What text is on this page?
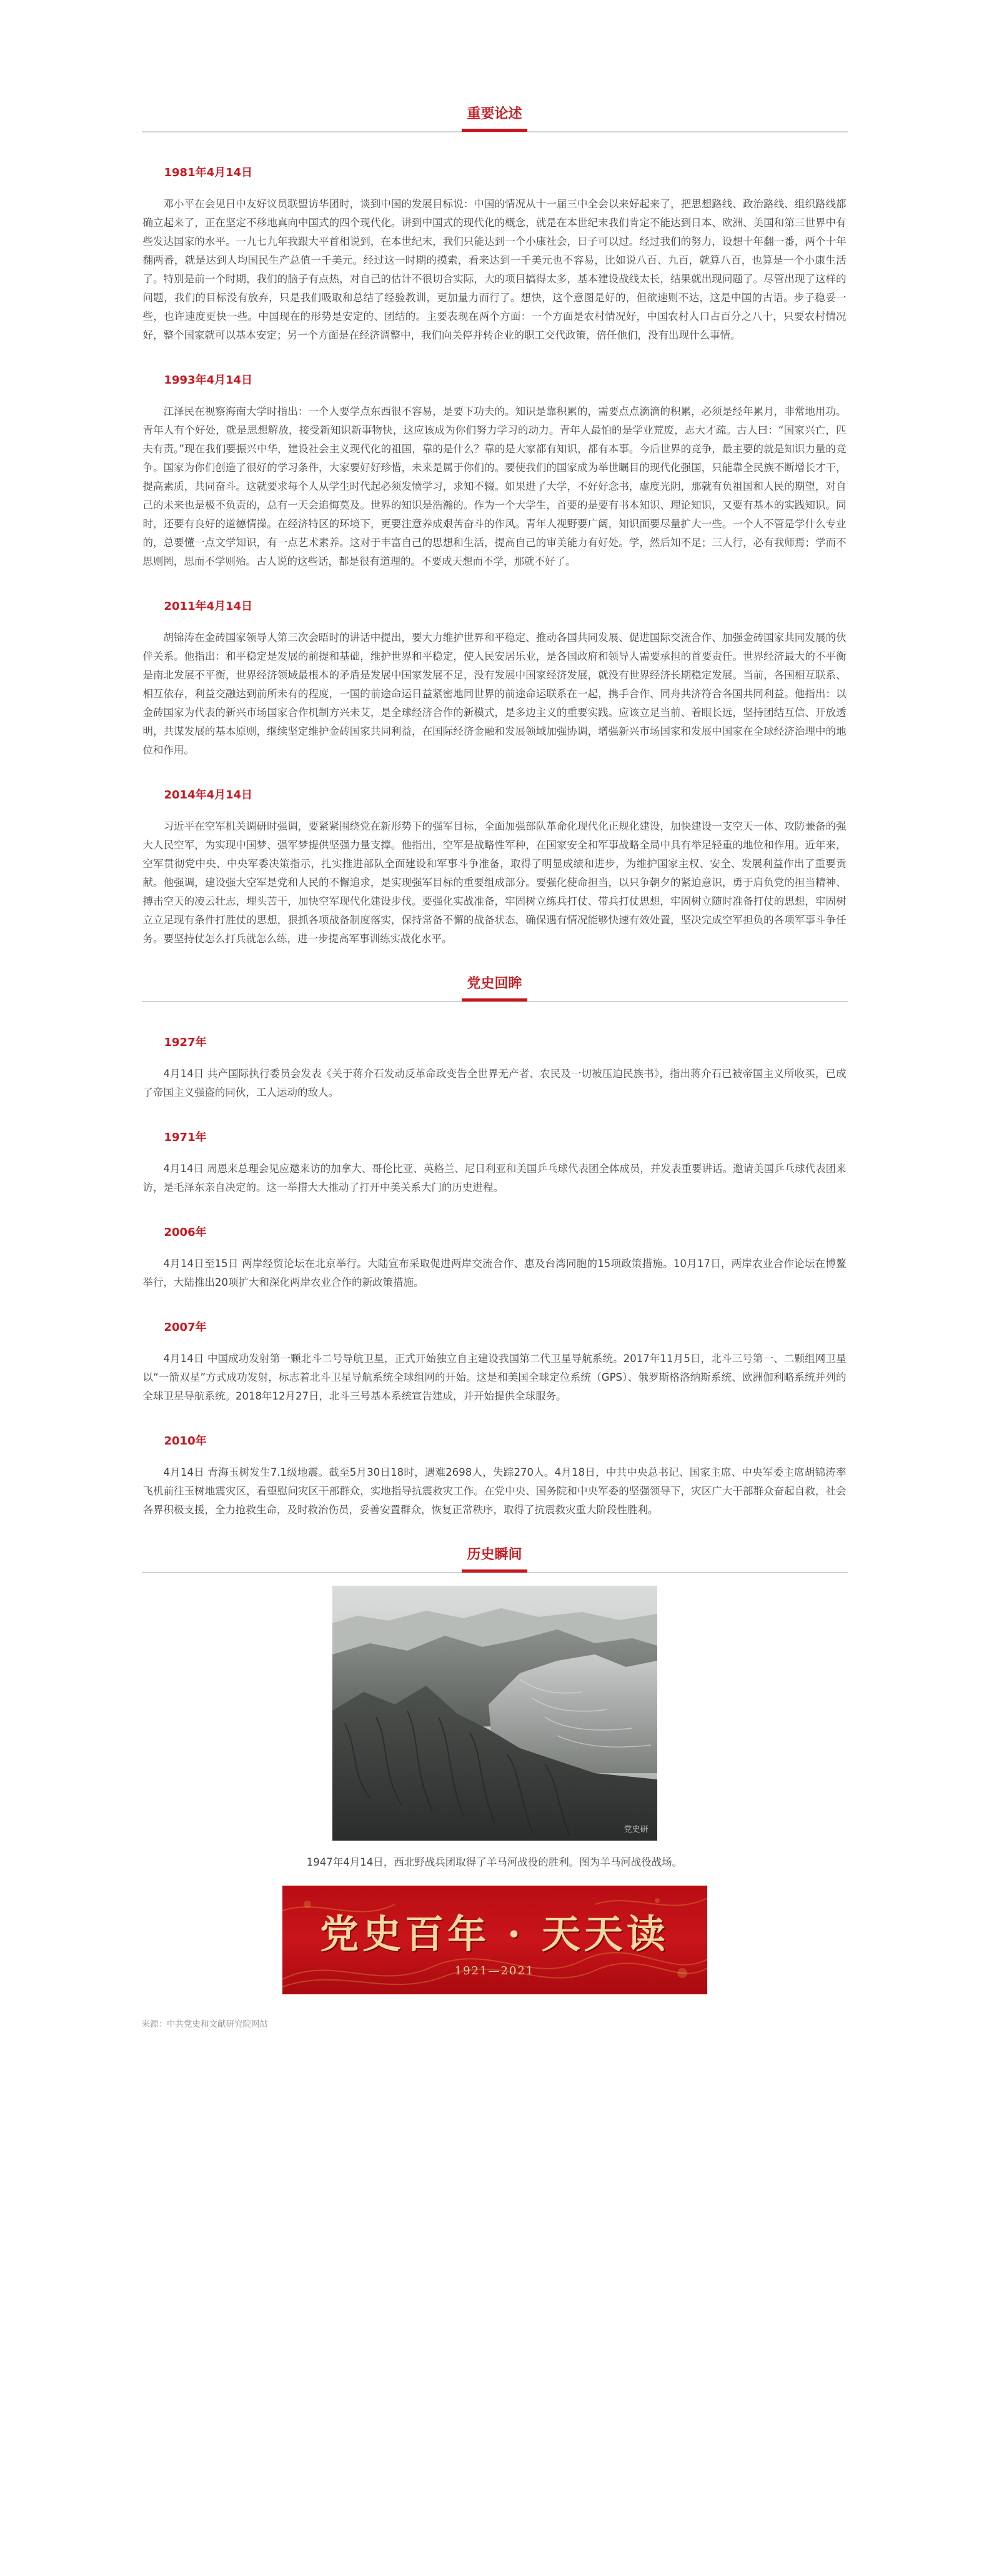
重要论述
1981年4月14日

邓小平在会见日中友好议员联盟访华团时，谈到中国的发展目标说：中国的情况从十一届三中全会以来好起来了，把思想路线、政治路线、组织路线都确立起来了，正在坚定不移地真向中国式的四个现代化。讲到中国式的现代化的概念，就是在本世纪末我们肯定不能达到日本、欧洲、美国和第三世界中有些发达国家的水平。一九七九年我跟大平首相说到，在本世纪末，我们只能达到一个小康社会，日子可以过。经过我们的努力，设想十年翻一番，两个十年翻两番，就是达到人均国民生产总值一千美元。经过这一时期的摸索，看来达到一千美元也不容易，比如说八百、九百，就算八百，也算是一个小康生活了。特别是前一个时期，我们的脑子有点热，对自己的估计不很切合实际，大的项目搞得太多，基本建设战线太长，结果就出现问题了。尽管出现了这样的问题，我们的目标没有放弃，只是我们吸取和总结了经验教训，更加量力而行了。想快，这个意图是好的，但欲速则不达，这是中国的古语。步子稳妥一些，也许速度更快一些。中国现在的形势是安定的、团结的。主要表现在两个方面：一个方面是农村情况好，中国农村人口占百分之八十，只要农村情况好，整个国家就可以基本安定；另一个方面是在经济调整中，我们向关停并转企业的职工交代政策，倍任他们，没有出现什么事情。

1993年4月14日

江泽民在视察海南大学时指出：一个人要学点东西很不容易，是要下功夫的。知识是靠积累的，需要点点滴滴的积累，必须是经年累月，非常地用功。青年人有个好处，就是思想解放，接受新知识新事物快，这应该成为你们努力学习的动力。青年人最怕的是学业荒废，志大才疏。古人曰：“国家兴亡，匹夫有责。”现在我们要振兴中华，建设社会主义现代化的祖国，靠的是什么？靠的是大家都有知识，都有本事。今后世界的竞争，最主要的就是知识力量的竞争。国家为你们创造了很好的学习条件，大家要好好珍惜，未来是属于你们的。要使我们的国家成为举世瞩目的现代化强国，只能靠全民族不断增长才干，提高素质，共同奋斗。这就要求每个人从学生时代起必须发愤学习，求知不辍。如果进了大学，不好好念书，虚度光阴，那就有负祖国和人民的期望，对自己的未来也是极不负责的，总有一天会追悔莫及。世界的知识是浩瀚的。作为一个大学生，首要的是要有书本知识、理论知识，又要有基本的实践知识。同时，还要有良好的道德情操。在经济特区的环境下，更要注意养成艰苦奋斗的作风。青年人视野要广阔，知识面要尽量扩大一些。一个人不管是学什么专业的，总要懂一点文学知识，有一点艺术素养。这对于丰富自己的思想和生活，提高自己的审美能力有好处。学，然后知不足；三人行，必有我师焉；学而不思则罔，思而不学则殆。古人说的这些话，都是很有道理的。不要成天想而不学，那就不好了。

2011年4月14日

胡锦涛在金砖国家领导人第三次会晤时的讲话中提出，要大力维护世界和平稳定、推动各国共同发展、促进国际交流合作、加强金砖国家共同发展的伙伴关系。他指出：和平稳定是发展的前提和基础，维护世界和平稳定，使人民安居乐业，是各国政府和领导人需要承担的首要责任。世界经济最大的不平衡是南北发展不平衡，世界经济领域最根本的矛盾是发展中国家发展不足，没有发展中国家经济发展，就没有世界经济长期稳定发展。当前，各国相互联系、相互依存，利益交融达到前所未有的程度，一国的前途命运日益紧密地同世界的前途命运联系在一起，携手合作、同舟共济符合各国共同利益。他指出：以金砖国家为代表的新兴市场国家合作机制方兴未艾，是全球经济合作的新模式，是多边主义的重要实践。应该立足当前、着眼长远，坚持团结互信、开放透明，共谋发展的基本原则，继续坚定维护金砖国家共同利益，在国际经济金融和发展领域加强协调，增强新兴市场国家和发展中国家在全球经济治理中的地位和作用。

2014年4月14日

习近平在空军机关调研时强调，要紧紧围绕党在新形势下的强军目标，全面加强部队革命化现代化正规化建设，加快建设一支空天一体、攻防兼备的强大人民空军，为实现中国梦、强军梦提供坚强力量支撑。他指出，空军是战略性军种，在国家安全和军事战略全局中具有举足轻重的地位和作用。近年来，空军贯彻党中央、中央军委决策指示，扎实推进部队全面建设和军事斗争准备，取得了明显成绩和进步，为维护国家主权、安全、发展利益作出了重要贡献。他强调，建设强大空军是党和人民的不懈追求，是实现强军目标的重要组成部分。要强化使命担当，以只争朝夕的紧迫意识，勇于肩负党的担当精神、搏击空天的凌云壮志，埋头苦干，加快空军现代化建设步伐。要强化实战准备，牢固树立练兵打仗、带兵打仗思想，牢固树立随时准备打仗的思想，牢固树立立足现有条件打胜仗的思想，狠抓各项战备制度落实，保持常备不懈的战备状态，确保遇有情况能够快速有效处置，坚决完成空军担负的各项军事斗争任务。要坚持仗怎么打兵就怎么练，进一步提高军事训练实战化水平。

党史回眸
1927年

4月14日 共产国际执行委员会发表《关于蒋介石发动反革命政变告全世界无产者、农民及一切被压迫民族书》，指出蒋介石已被帝国主义所收买，已成了帝国主义强盗的同伙，工人运动的敌人。

1971年

4月14日 周恩来总理会见应邀来访的加拿大、哥伦比亚、英格兰、尼日利亚和美国乒乓球代表团全体成员，并发表重要讲话。邀请美国乒乓球代表团来访，是毛泽东亲自决定的。这一举措大大推动了打开中美关系大门的历史进程。

2006年

4月14日至15日 两岸经贸论坛在北京举行。大陆宣布采取促进两岸交流合作、惠及台湾同胞的15项政策措施。10月17日，两岸农业合作论坛在博鳌举行，大陆推出20项扩大和深化两岸农业合作的新政策措施。

2007年

4月14日 中国成功发射第一颗北斗二号导航卫星，正式开始独立自主建设我国第二代卫星导航系统。2017年11月5日，北斗三号第一、二颗组网卫星以“一箭双星”方式成功发射，标志着北斗卫星导航系统全球组网的开始。这是和美国全球定位系统（GPS）、俄罗斯格洛纳斯系统、欧洲伽利略系统并列的全球卫星导航系统。2018年12月27日，北斗三号基本系统宣告建成，并开始提供全球服务。

2010年

4月14日 青海玉树发生7.1级地震。截至5月30日18时，遇难2698人，失踪270人。4月18日，中共中央总书记、国家主席、中央军委主席胡锦涛率飞机前往玉树地震灾区，看望慰问灾区干部群众，实地指导抗震救灾工作。在党中央、国务院和中央军委的坚强领导下，灾区广大干部群众奋起自救，社会各界积极支援，全力抢救生命，及时救治伤员，妥善安置群众，恢复正常秩序，取得了抗震救灾重大阶段性胜利。

历史瞬间
党史研

1947年4月14日，西北野战兵团取得了羊马河战役的胜利。图为羊马河战役战场。

党史百年 · 天天读
1921—2021
来源：中共党史和文献研究院网站
